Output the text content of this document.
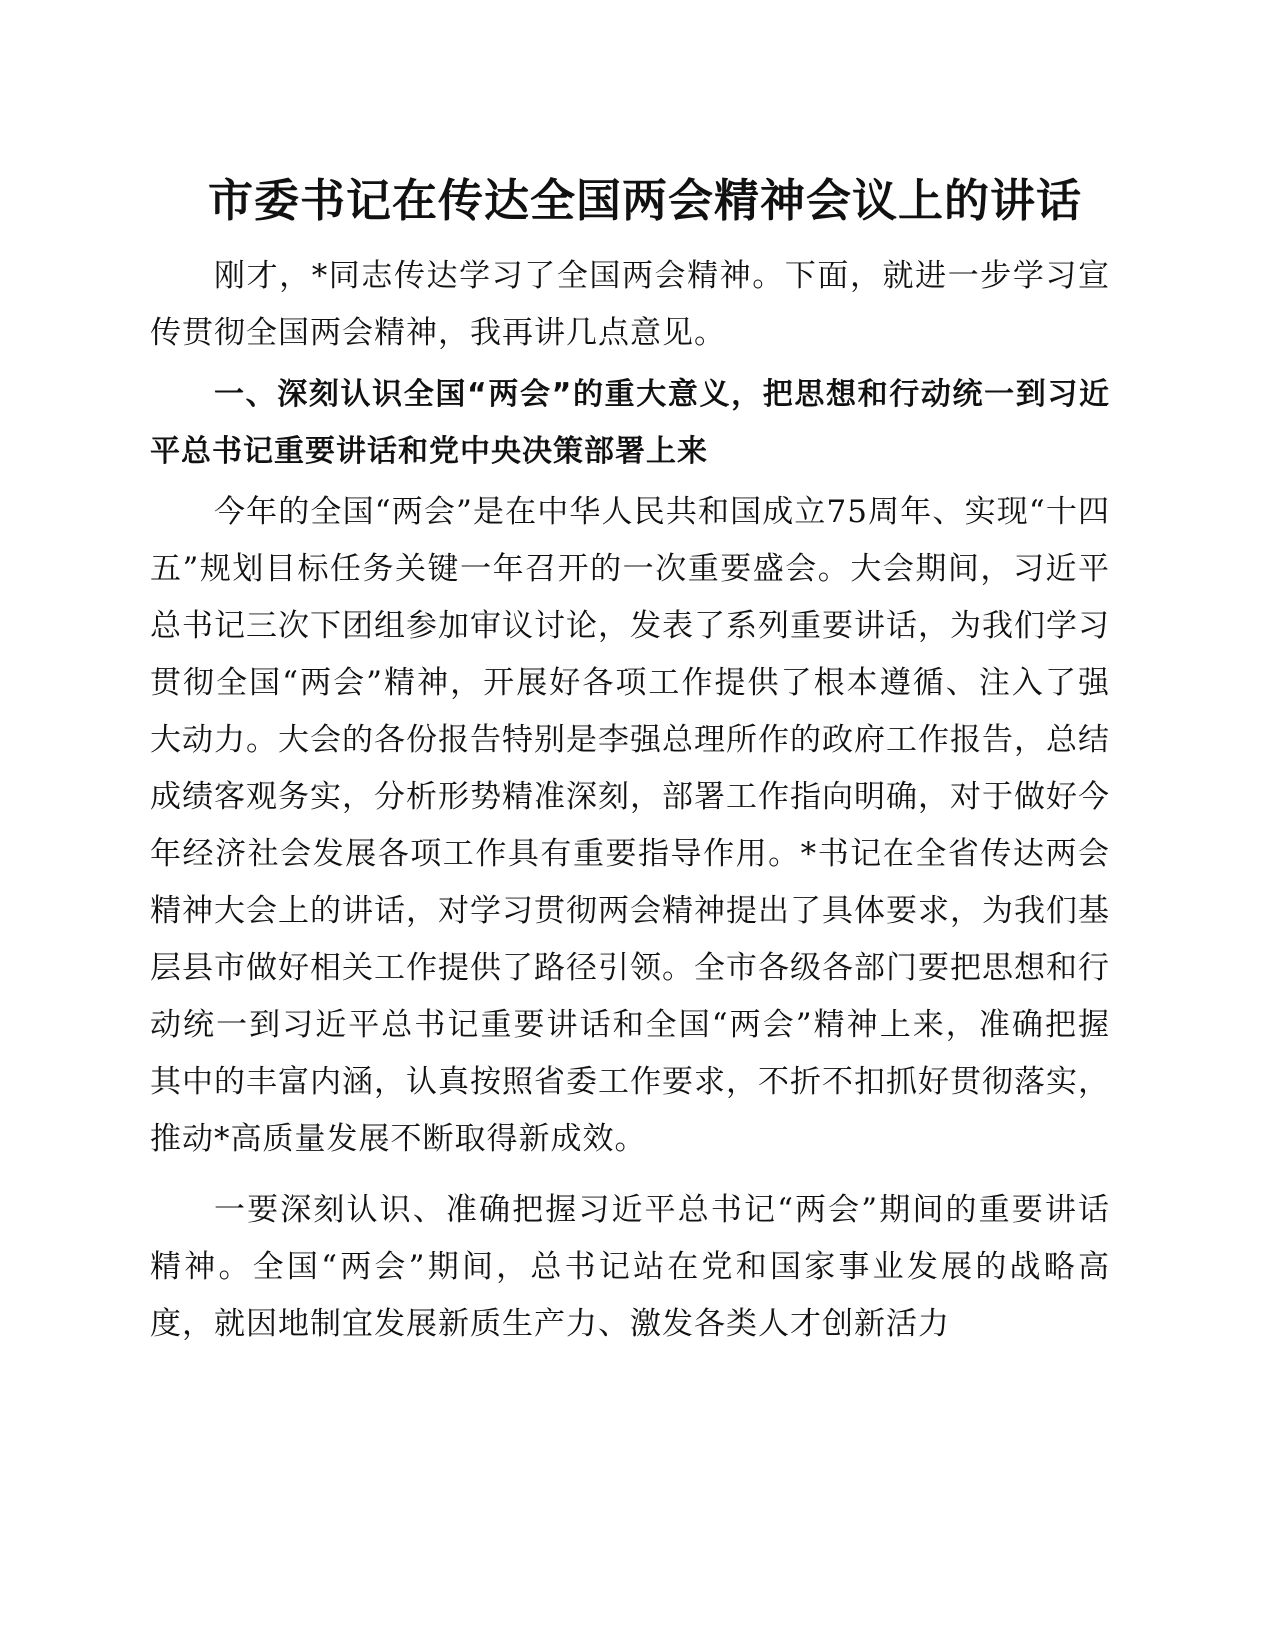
市委书记在传达全国两会精神会议上的讲话

刚才，*同志传达学习了全国两会精神。下面，就进一步学习宣传贯彻全国两会精神，我再讲几点意见。

一、深刻认识全国“两会”的重大意义，把思想和行动统一到习近平总书记重要讲话和党中央决策部署上来

今年的全国“两会”是在中华人民共和国成立75周年、实现“十四五”规划目标任务关键一年召开的一次重要盛会。大会期间，习近平总书记三次下团组参加审议讨论，发表了系列重要讲话，为我们学习贯彻全国“两会”精神，开展好各项工作提供了根本遵循、注入了强大动力。大会的各份报告特别是李强总理所作的政府工作报告，总结成绩客观务实，分析形势精准深刻，部署工作指向明确，对于做好今年经济社会发展各项工作具有重要指导作用。*书记在全省传达两会精神大会上的讲话，对学习贯彻两会精神提出了具体要求，为我们基层县市做好相关工作提供了路径引领。全市各级各部门要把思想和行动统一到习近平总书记重要讲话和全国“两会”精神上来，准确把握其中的丰富内涵，认真按照省委工作要求，不折不扣抓好贯彻落实，推动*高质量发展不断取得新成效。

一要深刻认识、准确把握习近平总书记“两会”期间的重要讲话精神。全国“两会”期间，总书记站在党和国家事业发展的战略高度，就因地制宜发展新质生产力、激发各类人才创新活力
